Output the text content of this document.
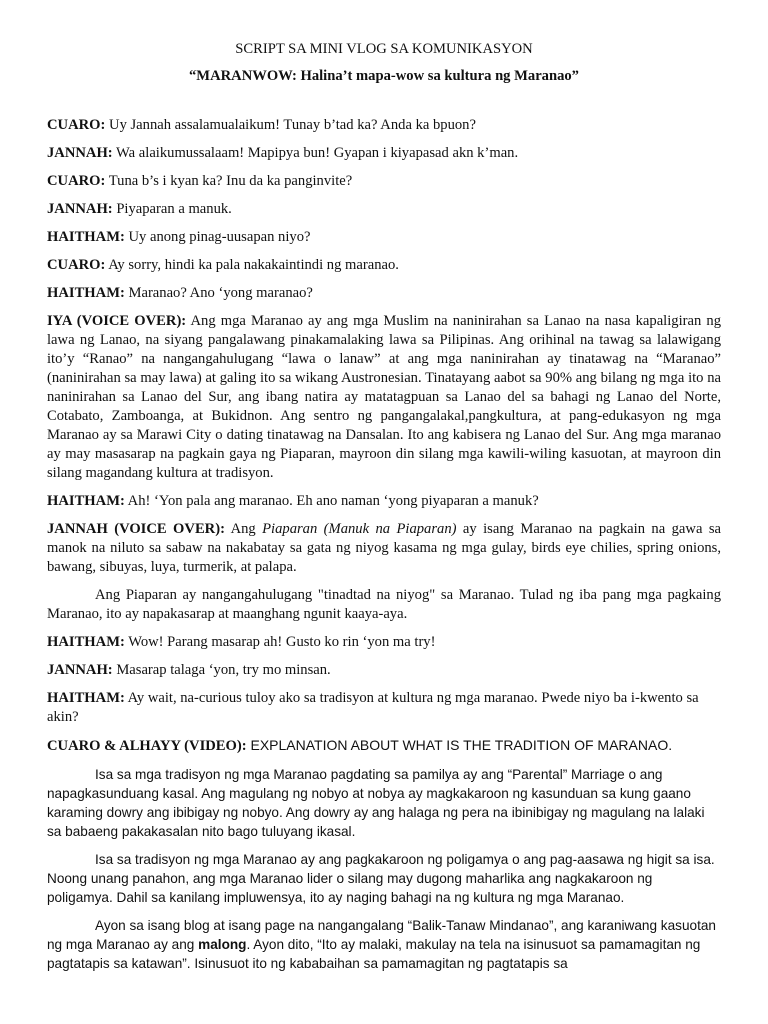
SCRIPT SA MINI VLOG SA KOMUNIKASYON

“MARANWOW: Halina’t mapa-wow sa kultura ng Maranao”

CUARO: Uy Jannah assalamualaikum! Tunay b’tad ka? Anda ka bpuon?

JANNAH: Wa alaikumussalaam! Mapipya bun! Gyapan i kiyapasad akn k’man.

CUARO: Tuna b’s i kyan ka? Inu da ka panginvite?

JANNAH: Piyaparan a manuk.

HAITHAM: Uy anong pinag-uusapan niyo?

CUARO: Ay sorry, hindi ka pala nakakaintindi ng maranao.

HAITHAM: Maranao? Ano ‘yong maranao?

IYA (VOICE OVER): Ang mga Maranao ay ang mga Muslim na naninirahan sa Lanao na nasa kapaligiran ng lawa ng Lanao, na siyang pangalawang pinakamalaking lawa sa Pilipinas. Ang orihinal na tawag sa lalawigang ito’y “Ranao” na nangangahulugang “lawa o lanaw” at ang mga naninirahan ay tinatawag na “Maranao” (naninirahan sa may lawa) at galing ito sa wikang Austronesian. Tinatayang aabot sa 90% ang bilang ng mga ito na naninirahan sa Lanao del Sur, ang ibang natira ay matatagpuan sa Lanao del sa bahagi ng Lanao del Norte, Cotabato, Zamboanga, at Bukidnon. Ang sentro ng pangangalakal,pangkultura, at pang-edukasyon ng mga Maranao ay sa Marawi City o dating tinatawag na Dansalan. Ito ang kabisera ng Lanao del Sur. Ang mga maranao ay may masasarap na pagkain gaya ng Piaparan, mayroon din silang mga kawili-wiling kasuotan, at mayroon din silang magandang kultura at tradisyon.

HAITHAM: Ah! ‘Yon pala ang maranao. Eh ano naman ‘yong piyaparan a manuk?

JANNAH (VOICE OVER): Ang Piaparan (Manuk na Piaparan) ay isang Maranao na pagkain na gawa sa manok na niluto sa sabaw na nakabatay sa gata ng niyog kasama ng mga gulay, birds eye chilies, spring onions, bawang, sibuyas, luya, turmerik, at palapa.

Ang Piaparan ay nangangahulugang "tinadtad na niyog" sa Maranao. Tulad ng iba pang mga pagkaing Maranao, ito ay napakasarap at maanghang ngunit kaaya-aya.

HAITHAM: Wow! Parang masarap ah! Gusto ko rin ‘yon ma try!

JANNAH: Masarap talaga ‘yon, try mo minsan.

HAITHAM: Ay wait, na-curious tuloy ako sa tradisyon at kultura ng mga maranao. Pwede niyo ba i-kwento sa akin?

CUARO & ALHAYY (VIDEO): EXPLANATION ABOUT WHAT IS THE TRADITION OF MARANAO.

Isa sa mga tradisyon ng mga Maranao pagdating sa pamilya ay ang “Parental” Marriage o ang napagkasunduang kasal. Ang magulang ng nobyo at nobya ay magkakaroon ng kasunduan sa kung gaano karaming dowry ang ibibigay ng nobyo. Ang dowry ay ang halaga ng pera na ibinibigay ng magulang na lalaki sa babaeng pakakasalan nito bago tuluyang ikasal.

Isa sa tradisyon ng mga Maranao ay ang pagkakaroon ng poligamya o ang pag-aasawa ng higit sa isa. Noong unang panahon, ang mga Maranao lider o silang may dugong maharlika ang nagkakaroon ng poligamya. Dahil sa kanilang impluwensya, ito ay naging bahagi na ng kultura ng mga Maranao.

Ayon sa isang blog at isang page na nangangalang “Balik-Tanaw Mindanao”, ang karaniwang kasuotan ng mga Maranao ay ang malong. Ayon dito, “Ito ay malaki, makulay na tela na isinusuot sa pamamagitan ng pagtatapis sa katawan”. Isinusuot ito ng kababaihan sa pamamagitan ng pagtatapis sa
